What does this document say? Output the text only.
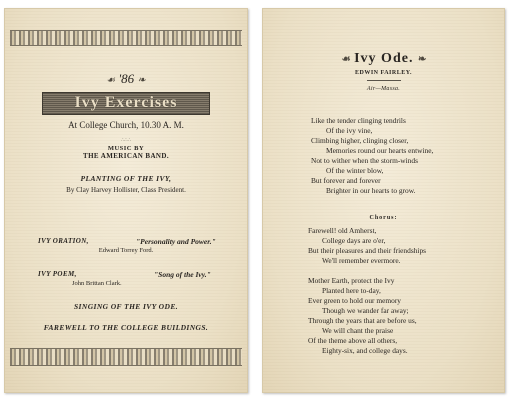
☙ '86 ❧
Ivy Exercises
At College Church, 10.30 A. M.
∴∴∴
MUSIC BY
THE AMERICAN BAND.
PLANTING OF THE IVY,
By Clay Harvey Hollister, Class President.
IVY ORATION,	"Personality and Power."
Edward Torrey Ford.
IVY POEM,	"Song of the Ivy."
John Brittan Clark.
SINGING OF THE IVY ODE.
FAREWELL TO THE COLLEGE BUILDINGS.
☙ Ivy Ode. ❧
EDWIN FAIRLEY.
Air—Massa.
Like the tender clinging tendrils
Of the ivy vine,
Climbing higher, clinging closer,
Memories round our hearts entwine,
Not to wither when the storm-winds
Of the winter blow,
But forever and forever
Brighter in our hearts to grow.
Chorus:
Farewell! old Amherst,
College days are o'er,
But their pleasures and their friendships
We'll remember evermore.
Mother Earth, protect the Ivy
Planted here to-day,
Ever green to hold our memory
Though we wander far away;
Through the years that are before us,
We will chant the praise
Of the theme above all others,
Eighty-six, and college days.
